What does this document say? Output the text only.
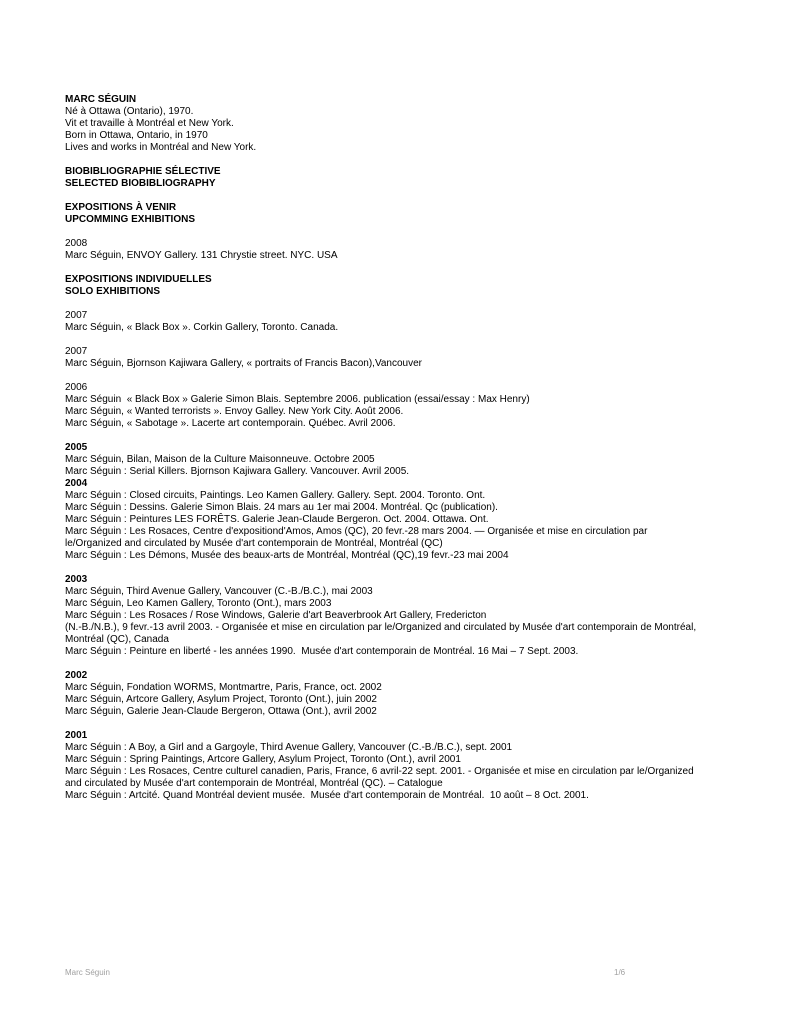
MARC SÉGUIN

Né à Ottawa (Ontario), 1970.

Vit et travaille à Montréal et New York.

Born in Ottawa, Ontario, in 1970

Lives and works in Montréal and New York.

BIOBIBLIOGRAPHIE SÉLECTIVE

SELECTED BIOBIBLIOGRAPHY

EXPOSITIONS À VENIR

UPCOMMING EXHIBITIONS

2008

Marc Séguin, ENVOY Gallery. 131 Chrystie street. NYC. USA

EXPOSITIONS INDIVIDUELLES

SOLO EXHIBITIONS

2007

Marc Séguin, « Black Box ». Corkin Gallery, Toronto. Canada.

2007

Marc Séguin, Bjornson Kajiwara Gallery, « portraits of Francis Bacon),Vancouver

2006

Marc Séguin  « Black Box » Galerie Simon Blais. Septembre 2006. publication (essai/essay : Max Henry)

Marc Séguin, « Wanted terrorists ». Envoy Galley. New York City. Août 2006.

Marc Séguin, « Sabotage ». Lacerte art contemporain. Québec. Avril 2006.

2005

Marc Séguin, Bilan, Maison de la Culture Maisonneuve. Octobre 2005

Marc Séguin : Serial Killers. Bjornson Kajiwara Gallery. Vancouver. Avril 2005.

2004

Marc Séguin : Closed circuits, Paintings. Leo Kamen Gallery. Gallery. Sept. 2004. Toronto. Ont.

Marc Séguin : Dessins. Galerie Simon Blais. 24 mars au 1er mai 2004. Montréal. Qc (publication).

Marc Séguin : Peintures LES FORÊTS. Galerie Jean-Claude Bergeron. Oct. 2004. Ottawa. Ont.

Marc Séguin : Les Rosaces, Centre d'expositiond'Amos, Amos (QC), 20 fevr.-28 mars 2004. — Organisée et mise en circulation par

le/Organized and circulated by Musée d'art contemporain de Montréal, Montréal (QC)

Marc Séguin : Les Démons, Musée des beaux-arts de Montréal, Montréal (QC),19 fevr.-23 mai 2004

2003

Marc Séguin, Third Avenue Gallery, Vancouver (C.-B./B.C.), mai 2003

Marc Séguin, Leo Kamen Gallery, Toronto (Ont.), mars 2003

Marc Séguin : Les Rosaces / Rose Windows, Galerie d'art Beaverbrook Art Gallery, Fredericton

(N.-B./N.B.), 9 fevr.-13 avril 2003. - Organisée et mise en circulation par le/Organized and circulated by Musée d'art contemporain de Montréal,

Montréal (QC), Canada

Marc Séguin : Peinture en liberté - les années 1990.  Musée d'art contemporain de Montréal. 16 Mai – 7 Sept. 2003.

2002

Marc Séguin, Fondation WORMS, Montmartre, Paris, France, oct. 2002

Marc Séguin, Artcore Gallery, Asylum Project, Toronto (Ont.), juin 2002

Marc Séguin, Galerie Jean-Claude Bergeron, Ottawa (Ont.), avril 2002

2001

Marc Séguin : A Boy, a Girl and a Gargoyle, Third Avenue Gallery, Vancouver (C.-B./B.C.), sept. 2001

Marc Séguin : Spring Paintings, Artcore Gallery, Asylum Project, Toronto (Ont.), avril 2001

Marc Séguin : Les Rosaces, Centre culturel canadien, Paris, France, 6 avril-22 sept. 2001. - Organisée et mise en circulation par le/Organized

and circulated by Musée d'art contemporain de Montréal, Montréal (QC). – Catalogue

Marc Séguin : Artcité. Quand Montréal devient musée.  Musée d'art contemporain de Montréal.  10 août – 8 Oct. 2001.

Marc Séguin	1/6
